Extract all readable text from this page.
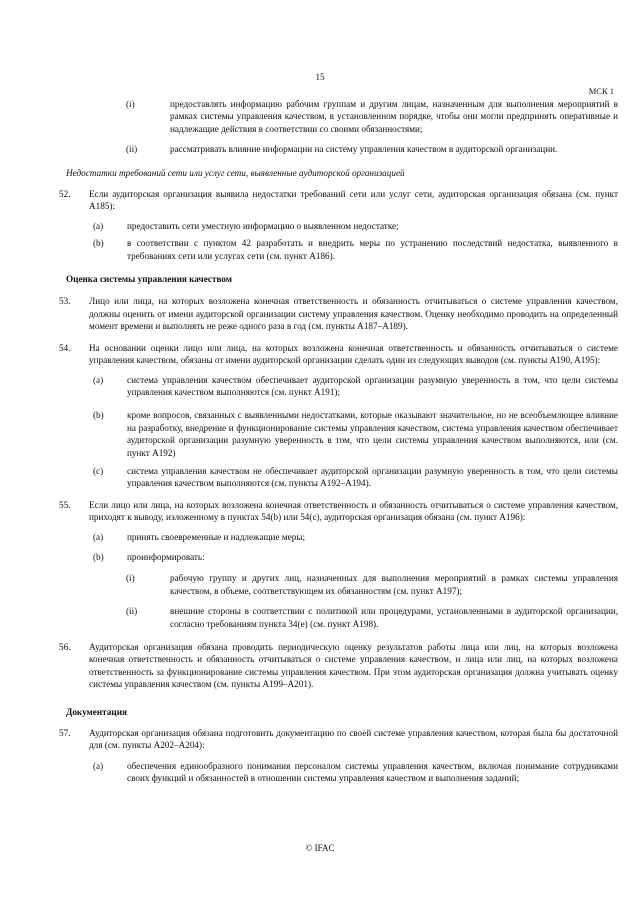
15
МСК 1
(i)	предоставлять информацию рабочим группам и другим лицам, назначенным для выполнения мероприятий в рамках системы управления качеством, в установленном порядке, чтобы они могли предпринять оперативные и надлежащие действия в соответствии со своими обязанностями;
(ii)	рассматривать влияние информации на систему управления качеством в аудиторской организации.
Недостатки требований сети или услуг сети, выявленные аудиторской организацией
52.	Если аудиторская организация выявила недостатки требований сети или услуг сети, аудиторская организация обязана (см. пункт A185):
(a)	предоставить сети уместную информацию о выявленном недостатке;
(b)	в соответствии с пунктом 42 разработать и внедрить меры по устранению последствий недостатка, выявленного в требованиях сети или услугах сети (см. пункт A186).
Оценка системы управления качеством
53.	Лицо или лица, на которых возложена конечная ответственность и обязанность отчитываться о системе управления качеством, должны оценить от имени аудиторской организации систему управления качеством. Оценку необходимо проводить на определенный момент времени и выполнять не реже одного раза в год (см. пункты A187–A189).
54.	На основании оценки лицо или лица, на которых возложена конечная ответственность и обязанность отчитываться о системе управления качеством, обязаны от имени аудиторской организации сделать один из следующих выводов (см. пункты A190, A195):
(a)	система управления качеством обеспечивает аудиторской организации разумную уверенность в том, что цели системы управления качеством выполняются (см. пункт A191);
(b)	кроме вопросов, связанных с выявленными недостатками, которые оказывают значительное, но не всеобъемлющее влияние на разработку, внедрение и функционирование системы управления качеством, система управления качеством обеспечивает аудиторской организации разумную уверенность в том, что цели системы управления качеством выполняются, или (см. пункт A192)
(c)	система управления качеством не обеспечивает аудиторской организации разумную уверенность в том, что цели системы управления качеством выполняются (см. пункты A192–A194).
55.	Если лицо или лица, на которых возложена конечная ответственность и обязанность отчитываться о системе управления качеством, приходят к выводу, изложенному в пунктах 54(b) или 54(c), аудиторская организация обязана (см. пункт A196):
(a)	принять своевременные и надлежащие меры;
(b)	проинформировать:
(i)	рабочую группу и других лиц, назначенных для выполнения мероприятий в рамках системы управления качеством, в объеме, соответствующем их обязанностям (см. пункт A197);
(ii)	внешние стороны в соответствии с политикой или процедурами, установленными в аудиторской организации, согласно требованиям пункта 34(e) (см. пункт A198).
56.	Аудиторская организация обязана проводить периодическую оценку результатов работы лица или лиц, на которых возложена конечная ответственность и обязанность отчитываться о системе управления качеством, и лица или лиц, на которых возложена ответственность за функционирование системы управления качеством. При этом аудиторская организация должна учитывать оценку системы управления качеством (см. пункты A199–A201).
Документация
57.	Аудиторская организация обязана подготовить документацию по своей системе управления качеством, которая была бы достаточной для (см. пункты A202–A204):
(a)	обеспечения единообразного понимания персоналом системы управления качеством, включая понимание сотрудниками своих функций и обязанностей в отношении системы управления качеством и выполнения заданий;
© IFAC
